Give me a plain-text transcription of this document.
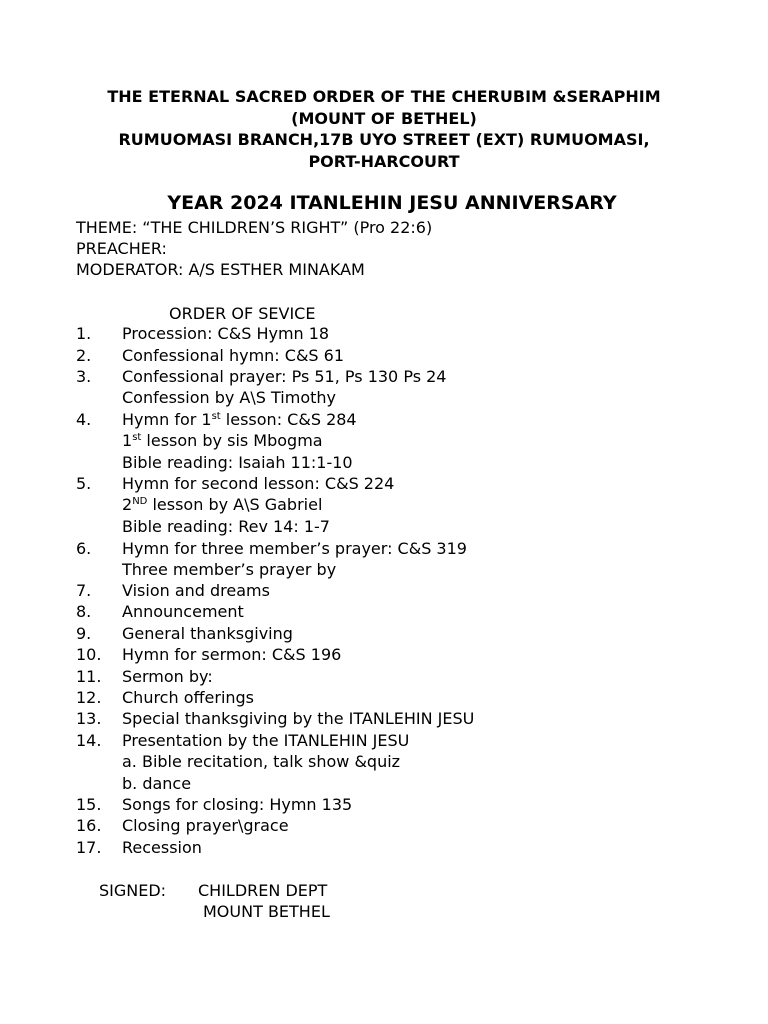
THE ETERNAL SACRED ORDER OF THE CHERUBIM &SERAPHIM
(MOUNT OF BETHEL)
RUMUOMASI BRANCH,17B UYO STREET (EXT) RUMUOMASI,
PORT-HARCOURT
YEAR 2024 ITANLEHIN JESU ANNIVERSARY
THEME: “THE CHILDREN’S RIGHT” (Pro 22:6)
PREACHER:
MODERATOR: A/S ESTHER MINAKAM
ORDER OF SEVICE
1. Procession: C&S Hymn 18
2. Confessional hymn: C&S 61
3. Confessional prayer: Ps 51, Ps 130 Ps 24
Confession by A\S Timothy
4. Hymn for 1st lesson: C&S 284
1st lesson by sis Mbogma
Bible reading: Isaiah 11:1-10
5. Hymn for second lesson: C&S 224
2ND lesson by A\S Gabriel
Bible reading: Rev 14: 1-7
6. Hymn for three member’s prayer: C&S 319
Three member’s prayer by
7. Vision and dreams
8. Announcement
9. General thanksgiving
10. Hymn for sermon: C&S 196
11. Sermon by:
12. Church offerings
13. Special thanksgiving by the ITANLEHIN JESU
14. Presentation by the ITANLEHIN JESU
a. Bible recitation, talk show &quiz
b. dance
15. Songs for closing: Hymn 135
16. Closing prayer\grace
17. Recession
SIGNED: CHILDREN DEPT
MOUNT BETHEL
